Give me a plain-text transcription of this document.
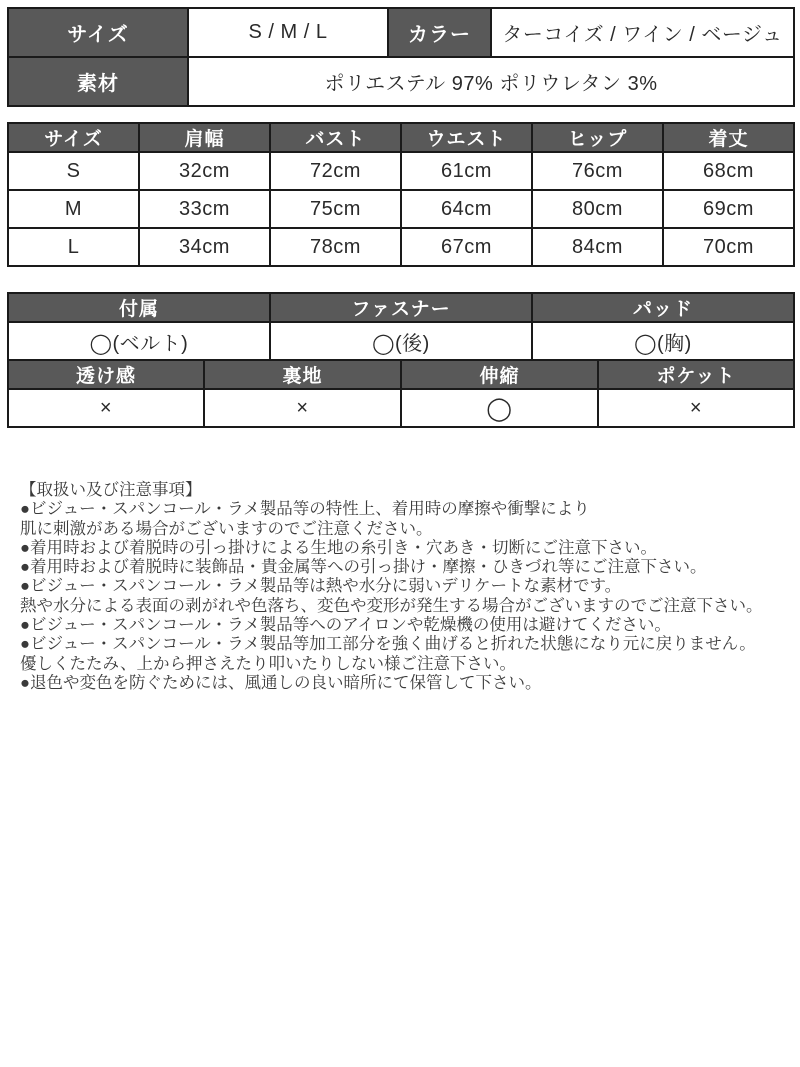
サイズ	S / M / L	カラー	ターコイズ / ワイン / ベージュ
素材	ポリエステル 97% ポリウレタン 3%		
サイズ	肩幅	バスト	ウエスト	ヒップ	着丈
S	32cm	72cm	61cm	76cm	68cm
M	33cm	75cm	64cm	80cm	69cm
L	34cm	78cm	67cm	84cm	70cm
付属	ファスナー	パッド
◯(ベルト)	◯(後)	◯(胸)
透け感	裏地	伸縮	ポケット
×	×	◯	×
【取扱い及び注意事項】
●ビジュー・スパンコール・ラメ製品等の特性上、着用時の摩擦や衝撃により
肌に刺激がある場合がございますのでご注意ください。
●着用時および着脱時の引っ掛けによる生地の糸引き・穴あき・切断にご注意下さい。
●着用時および着脱時に装飾品・貴金属等への引っ掛け・摩擦・ひきづれ等にご注意下さい。
●ビジュー・スパンコール・ラメ製品等は熱や水分に弱いデリケートな素材です。
熱や水分による表面の剥がれや色落ち、変色や変形が発生する場合がございますのでご注意下さい。
●ビジュー・スパンコール・ラメ製品等へのアイロンや乾燥機の使用は避けてください。
●ビジュー・スパンコール・ラメ製品等加工部分を強く曲げると折れた状態になり元に戻りません。
優しくたたみ、上から押さえたり叩いたりしない様ご注意下さい。
●退色や変色を防ぐためには、風通しの良い暗所にて保管して下さい。
